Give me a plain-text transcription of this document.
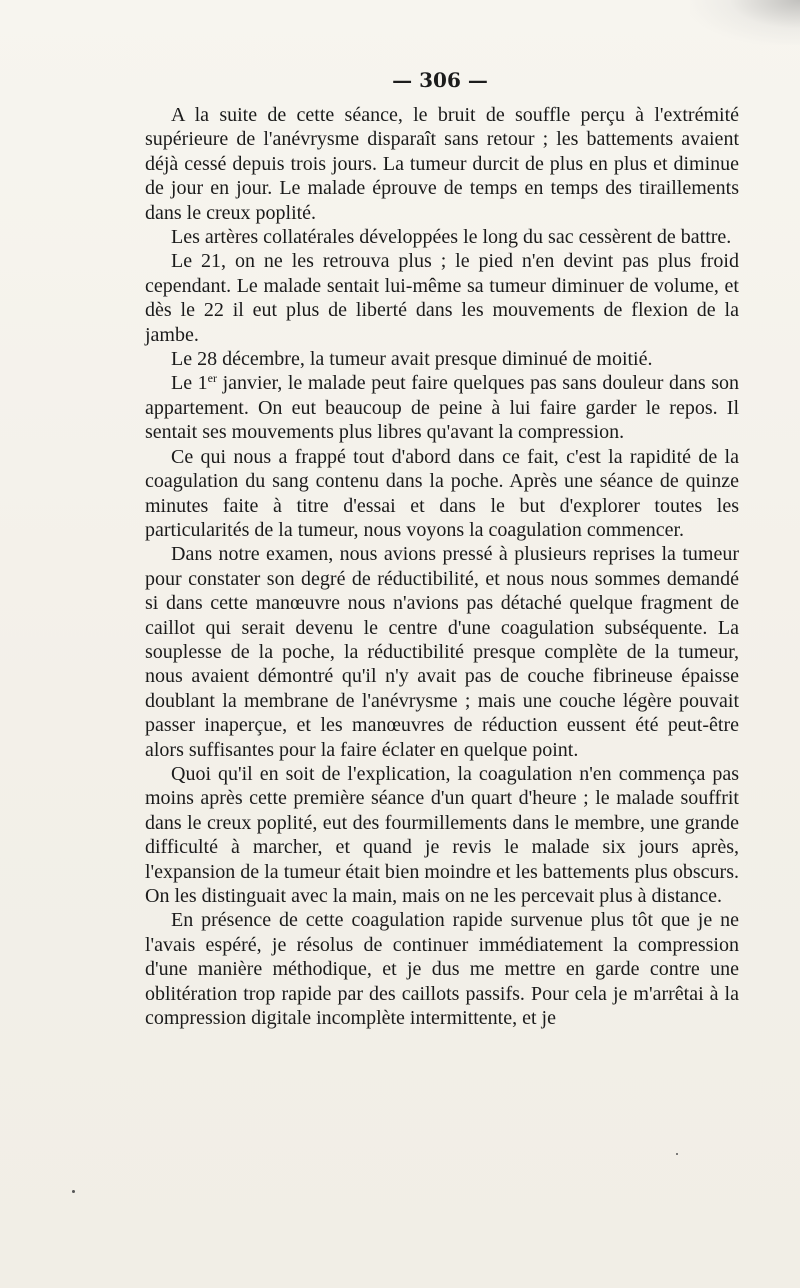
— 306 —

A la suite de cette séance, le bruit de souffle perçu à l'extrémité supérieure de l'anévrysme disparaît sans retour ; les battements avaient déjà cessé depuis trois jours. La tumeur durcit de plus en plus et diminue de jour en jour. Le malade éprouve de temps en temps des tiraillements dans le creux poplité.

Les artères collatérales développées le long du sac cessèrent de battre.

Le 21, on ne les retrouva plus ; le pied n'en devint pas plus froid cependant. Le malade sentait lui-même sa tumeur diminuer de volume, et dès le 22 il eut plus de liberté dans les mouvements de flexion de la jambe.

Le 28 décembre, la tumeur avait presque diminué de moitié.

Le 1er janvier, le malade peut faire quelques pas sans douleur dans son appartement. On eut beaucoup de peine à lui faire garder le repos. Il sentait ses mouvements plus libres qu'avant la compression.

Ce qui nous a frappé tout d'abord dans ce fait, c'est la rapidité de la coagulation du sang contenu dans la poche. Après une séance de quinze minutes faite à titre d'essai et dans le but d'explorer toutes les particularités de la tumeur, nous voyons la coagulation commencer.

Dans notre examen, nous avions pressé à plusieurs reprises la tumeur pour constater son degré de réductibilité, et nous nous sommes demandé si dans cette manœuvre nous n'avions pas détaché quelque fragment de caillot qui serait devenu le centre d'une coagulation subséquente. La souplesse de la poche, la réductibilité presque complète de la tumeur, nous avaient démontré qu'il n'y avait pas de couche fibrineuse épaisse doublant la membrane de l'anévrysme ; mais une couche légère pouvait passer inaperçue, et les manœuvres de réduction eussent été peut-être alors suffisantes pour la faire éclater en quelque point.

Quoi qu'il en soit de l'explication, la coagulation n'en commença pas moins après cette première séance d'un quart d'heure ; le malade souffrit dans le creux poplité, eut des fourmillements dans le membre, une grande difficulté à marcher, et quand je revis le malade six jours après, l'expansion de la tumeur était bien moindre et les battements plus obscurs. On les distinguait avec la main, mais on ne les percevait plus à distance.

En présence de cette coagulation rapide survenue plus tôt que je ne l'avais espéré, je résolus de continuer immédiatement la compression d'une manière méthodique, et je dus me mettre en garde contre une oblitération trop rapide par des caillots passifs. Pour cela je m'arrêtai à la compression digitale incomplète intermittente, et je
